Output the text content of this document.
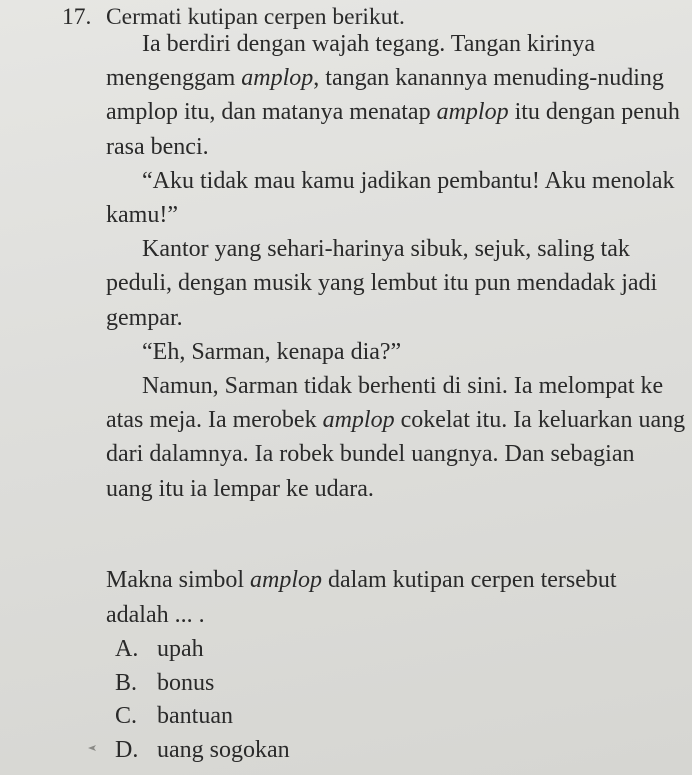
17. Cermati kutipan cerpen berikut.

Ia berdiri dengan wajah tegang. Tangan kirinya mengenggam amplop, tangan kanannya menuding-nuding amplop itu, dan matanya menatap amplop itu dengan penuh rasa benci.

“Aku tidak mau kamu jadikan pembantu! Aku menolak kamu!”

Kantor yang sehari-harinya sibuk, sejuk, saling tak peduli, dengan musik yang lembut itu pun mendadak jadi gempar.

“Eh, Sarman, kenapa dia?”

Namun, Sarman tidak berhenti di sini. Ia melompat ke atas meja. Ia merobek amplop cokelat itu. Ia keluarkan uang dari dalamnya. Ia robek bundel uangnya. Dan sebagian uang itu ia lempar ke udara.

Makna simbol amplop dalam kutipan cerpen tersebut adalah ... .

A. upah
B. bonus
C. bantuan
D. uang sogokan
